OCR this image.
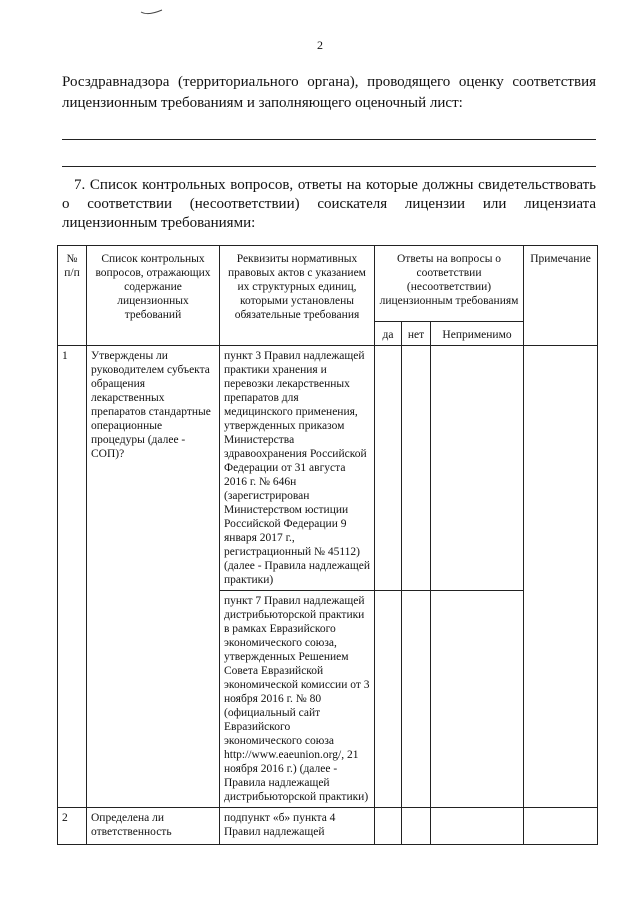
2

Росздравнадзора (территориального органа), проводящего оценку соответствия

лицензионным требованиям и заполняющего оценочный лист:

7. Список контрольных вопросов, ответы на которые должны свидетельствовать

о соответствии (несоответствии) соискателя лицензии или лицензиата

лицензионным требованиями:

№ п/п	Список контрольных вопросов, отражающих содержание лицензионных требований	Реквизиты нормативных правовых актов с указанием их структурных единиц, которыми установлены обязательные требования	Ответы на вопросы о соответствии (несоответствии) лицензионным требованиям			Примечание
			да	нет	Неприменимо	
1	Утверждены ли руководителем субъекта обращения лекарственных препаратов стандартные операционные процедуры (далее - СОП)?	пункт 3 Правил надлежащей практики хранения и перевозки лекарственных препаратов для медицинского применения, утвержденных приказом Министерства здравоохранения Российской Федерации от 31 августа 2016 г. № 646н (зарегистрирован Министерством юстиции Российской Федерации 9 января 2017 г., регистрационный № 45112) (далее - Правила надлежащей практики)				
		пункт 7 Правил надлежащей дистрибьюторской практики в рамках Евразийского экономического союза, утвержденных Решением Совета Евразийской экономической комиссии от 3 ноября 2016 г. № 80 (официальный сайт Евразийского экономического союза http://www.eaeunion.org/, 21 ноября 2016 г.) (далее - Правила надлежащей дистрибьюторской практики)				
2	Определена ли ответственность	подпункт «б» пункта 4 Правил надлежащей				
